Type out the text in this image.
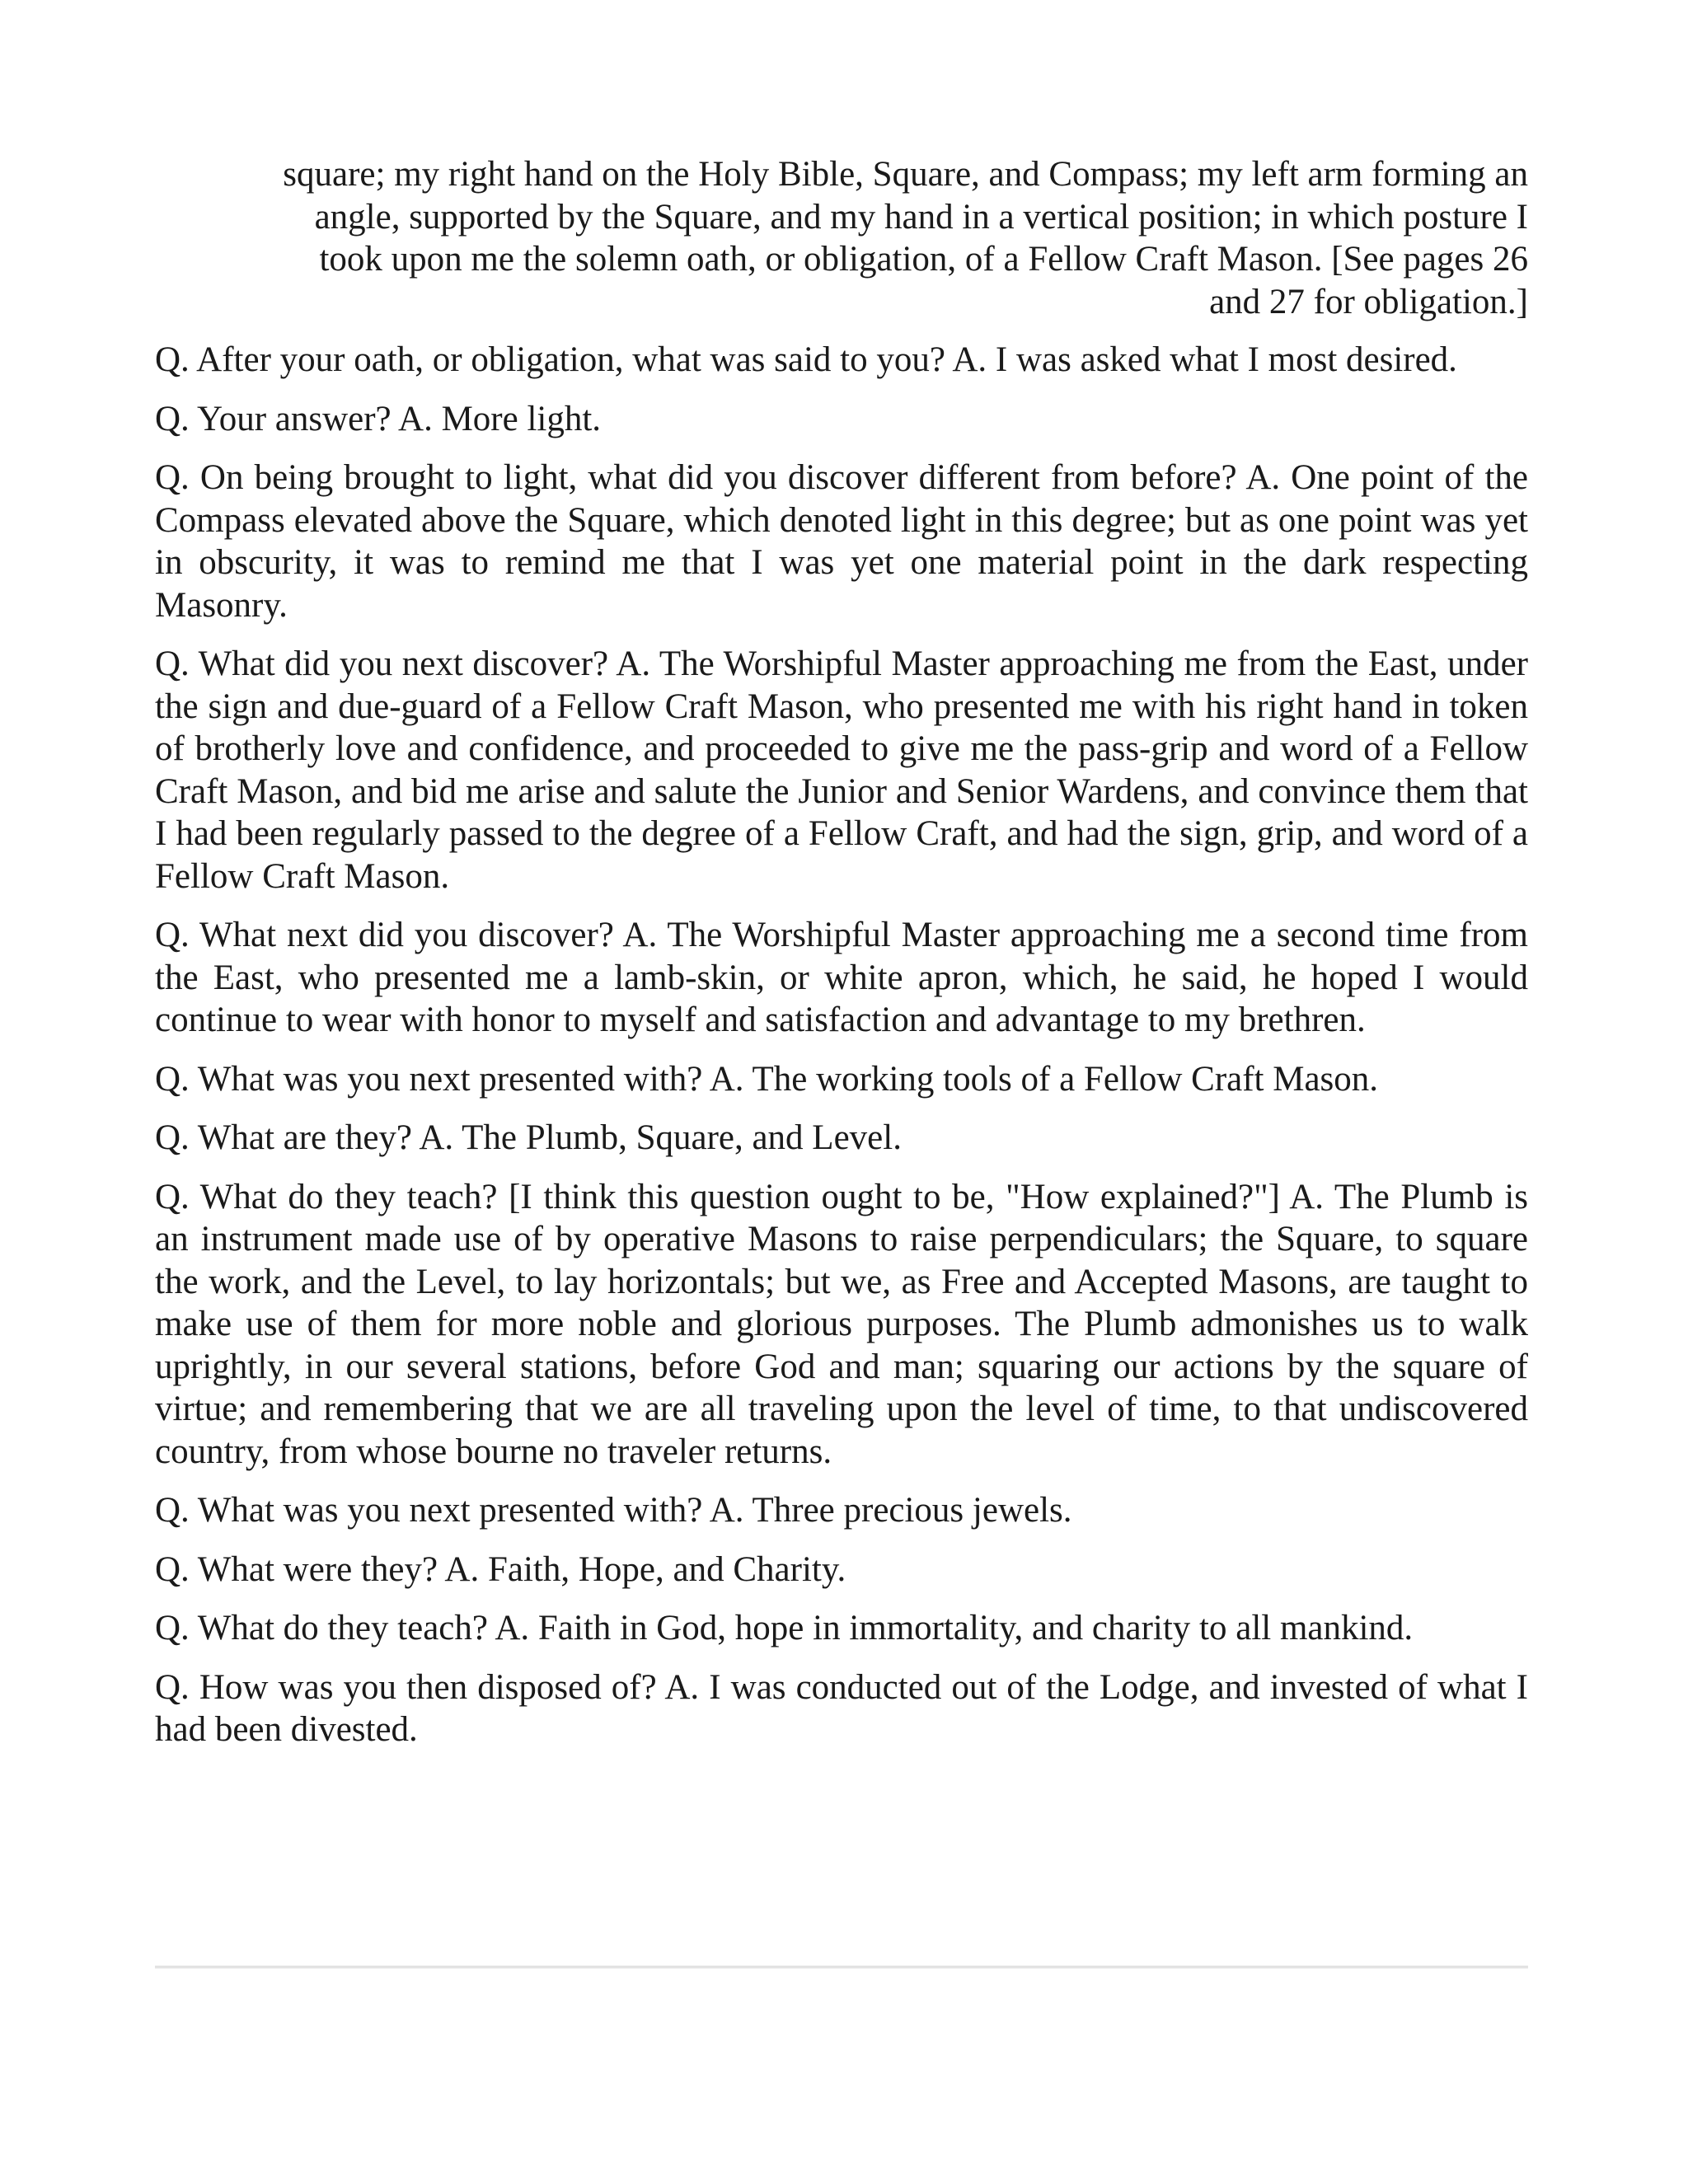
square; my right hand on the Holy Bible, Square, and Compass; my left arm forming an
angle, supported by the Square, and my hand in a vertical position; in which posture I
took upon me the solemn oath, or obligation, of a Fellow Craft Mason. [See pages 26
and 27 for obligation.]

Q. After your oath, or obligation, what was said to you? A. I was asked what I most desired.

Q. Your answer? A. More light.

Q. On being brought to light, what did you discover different from before? A. One point of the Compass elevated above the Square, which denoted light in this degree; but as one point was yet in obscurity, it was to remind me that I was yet one material point in the dark respecting Masonry.

Q. What did you next discover? A. The Worshipful Master approaching me from the East, under the sign and due-guard of a Fellow Craft Mason, who presented me with his right hand in token of brotherly love and confidence, and proceeded to give me the pass-grip and word of a Fellow Craft Mason, and bid me arise and salute the Junior and Senior Wardens, and convince them that I had been regularly passed to the degree of a Fellow Craft, and had the sign, grip, and word of a Fellow Craft Mason.

Q. What next did you discover? A. The Worshipful Master approaching me a second time from the East, who presented me a lamb-skin, or white apron, which, he said, he hoped I would continue to wear with honor to myself and satisfaction and advantage to my brethren.

Q. What was you next presented with? A. The working tools of a Fellow Craft Mason.

Q. What are they? A. The Plumb, Square, and Level.

Q. What do they teach? [I think this question ought to be, "How explained?"] A. The Plumb is an instrument made use of by operative Masons to raise perpendiculars; the Square, to square the work, and the Level, to lay horizontals; but we, as Free and Accepted Masons, are taught to make use of them for more noble and glorious purposes. The Plumb admonishes us to walk uprightly, in our several stations, before God and man; squaring our actions by the square of virtue; and remembering that we are all traveling upon the level of time, to that undiscovered country, from whose bourne no traveler returns.

Q. What was you next presented with? A. Three precious jewels.

Q. What were they? A. Faith, Hope, and Charity.

Q. What do they teach? A. Faith in God, hope in immortality, and charity to all mankind.

Q. How was you then disposed of? A. I was conducted out of the Lodge, and invested of what I had been divested.
